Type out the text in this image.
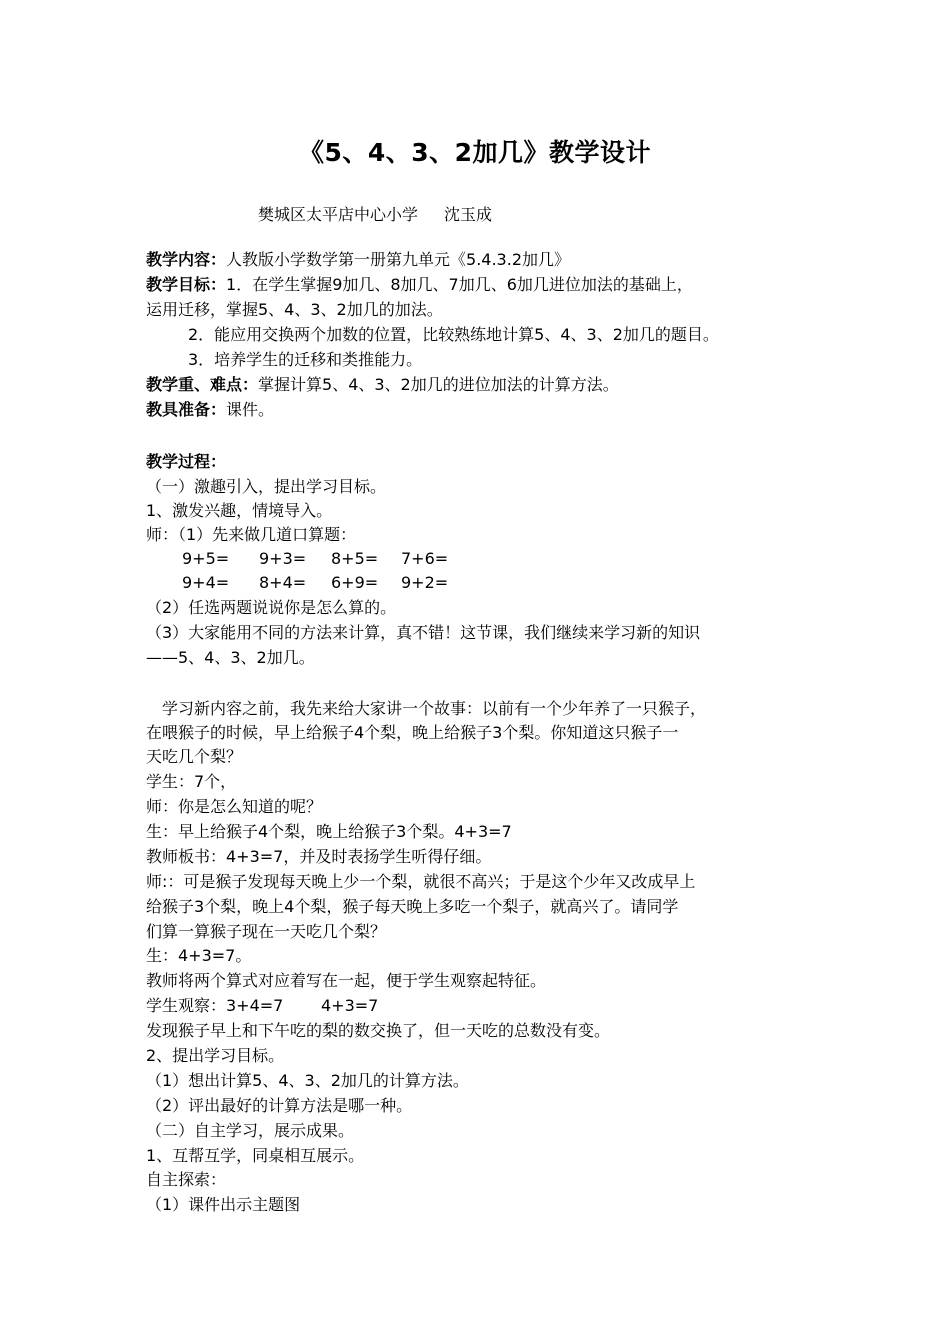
《5、4、3、2加几》教学设计
樊城区太平店中心小学 沈玉成
教学内容：人教版小学数学第一册第九单元《5.4.3.2加几》
教学目标：1．在学生掌握9加几、8加几、7加几、6加几进位加法的基础上，
运用迁移，掌握5、4、3、2加几的加法。
2．能应用交换两个加数的位置，比较熟练地计算5、4、3、2加几的题目。
3．培养学生的迁移和类推能力。
教学重、难点：掌握计算5、4、3、2加几的进位加法的计算方法。
教具准备：课件。
教学过程：
（一）激趣引入，提出学习目标。
1、激发兴趣，情境导入。
师：（1）先来做几道口算题：
9+5= 9+3= 8+5= 7+6=
9+4= 8+4= 6+9= 9+2=
（2）任选两题说说你是怎么算的。
（3）大家能用不同的方法来计算，真不错！这节课，我们继续来学习新的知识
——5、4、3、2加几。
学习新内容之前，我先来给大家讲一个故事：以前有一个少年养了一只猴子，
在喂猴子的时候，早上给猴子4个梨，晚上给猴子3个梨。你知道这只猴子一
天吃几个梨？
学生：7个，
师：你是怎么知道的呢？
生：早上给猴子4个梨，晚上给猴子3个梨。4+3=7
教师板书：4+3=7，并及时表扬学生听得仔细。
师:：可是猴子发现每天晚上少一个梨，就很不高兴；于是这个少年又改成早上
给猴子3个梨，晚上4个梨，猴子每天晚上多吃一个梨子，就高兴了。请同学
们算一算猴子现在一天吃几个梨？
生：4+3=7。
教师将两个算式对应着写在一起，便于学生观察起特征。
学生观察：3+4=7 4+3=7
发现猴子早上和下午吃的梨的数交换了，但一天吃的总数没有变。
2、提出学习目标。
（1）想出计算5、4、3、2加几的计算方法。
（2）评出最好的计算方法是哪一种。
（二）自主学习，展示成果。
1、互帮互学，同桌相互展示。
自主探索：
（1）课件出示主题图
